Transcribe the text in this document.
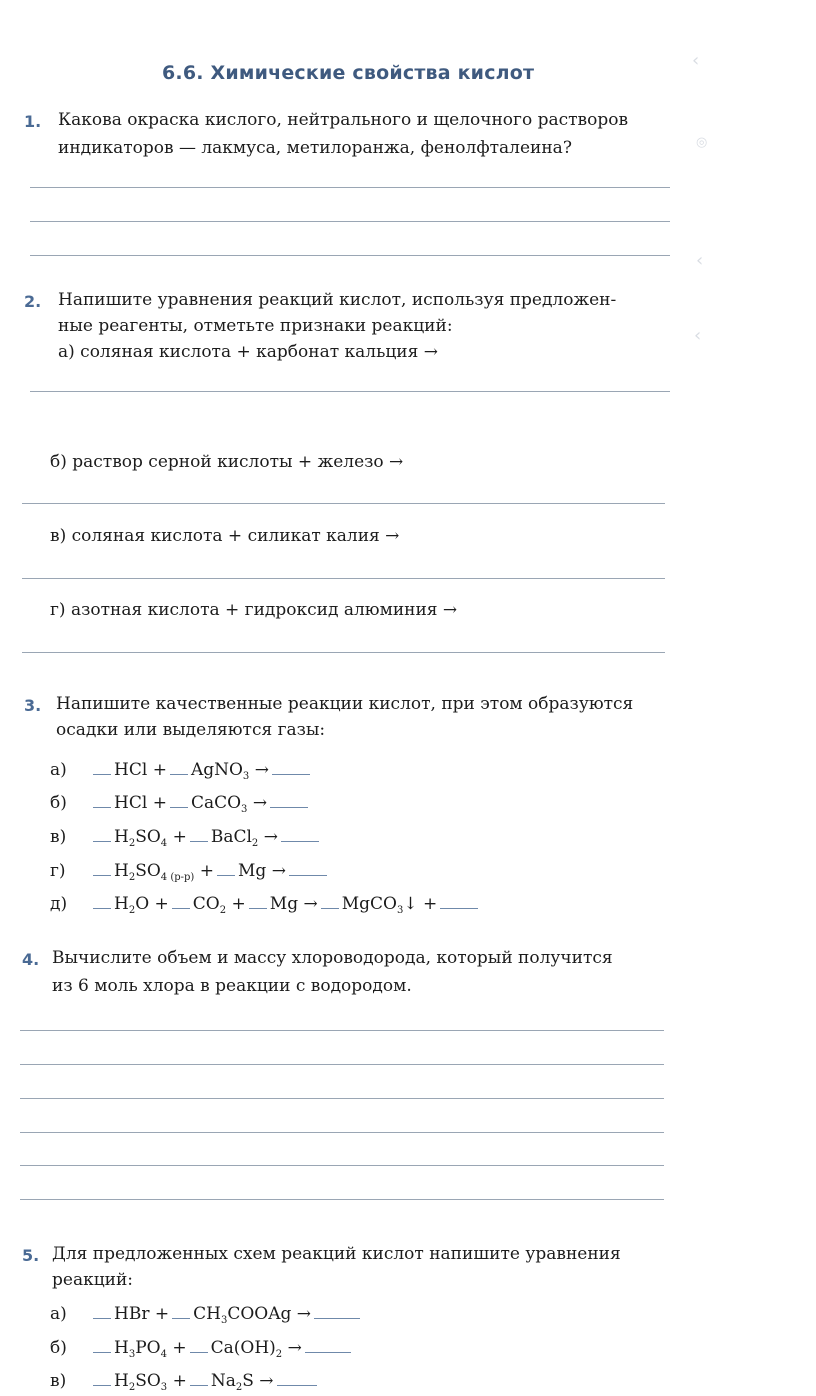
‹
◎
‹
‹
6.6. Химические свойства кислот
1. Какова окраска кислого, нейтрального и щелочного растворов
индикаторов — лакмуса, метилоранжа, фенолфталеина?
2. Напишите уравнения реакций кислот, используя предложен-
ные реагенты, отметьте признаки реакций:
а) соляная кислота + карбонат кальция →
б) раствор серной кислоты + железо →
в) соляная кислота + силикат калия →
г) азотная кислота + гидроксид алюминия →
3. Напишите качественные реакции кислот, при этом образуются
осадки или выделяются газы:
а)	HCl + AgNO$_3$ →
б)	HCl + CaCO$_3$ →
в)	$H_2SO_4$ + BaCl$_2$ →
г)	$H_2SO_{4 (р-р)} + Mg$ →
д)	$H_2O + CO_2 + Mg$ → MgCO$_3$↓ +
4. Вычислите объем и массу хлороводорода, который получится
из 6 моль хлора в реакции с водородом.
5. Для предложенных схем реакций кислот напишите уравнения
реакций:
а)	HBr + $CH_3COOAg$ →
б)	$H_3PO_4 + Ca(OH)_2$ →
в)	$H_2SO_3 + Na_2S$ →
